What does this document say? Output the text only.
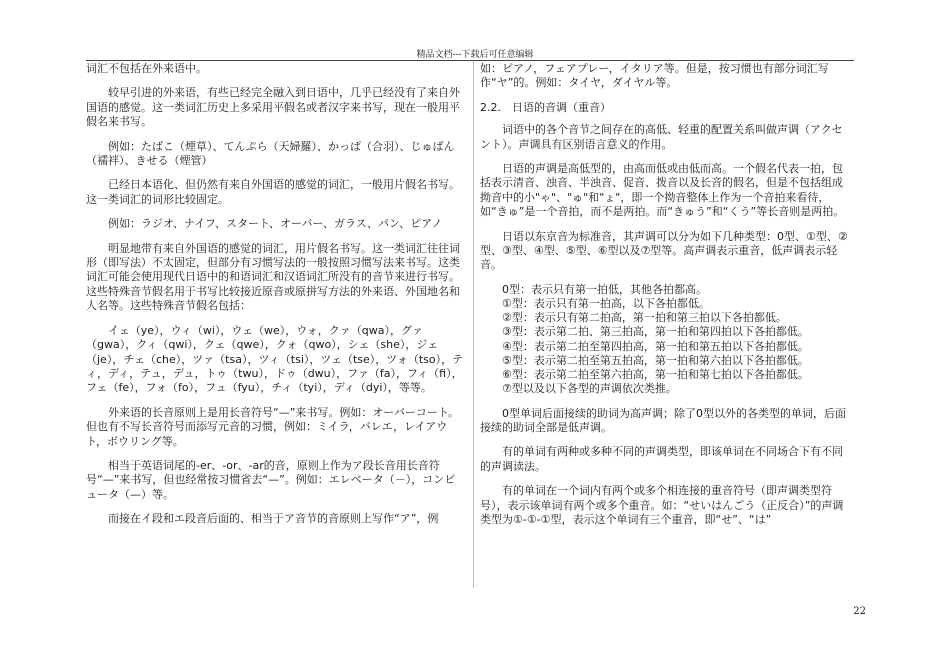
精品文档---下载后可任意编辑

词汇不包括在外来语中。

较早引进的外来语，有些已经完全融入到日语中，几乎已经没有了来自外国语的感觉。这一类词汇历史上多采用平假名或者汉字来书写，现在一般用平假名来书写。

例如：たばこ（煙草）、てんぷら（天婦羅）、かっぱ（合羽）、じゅばん（襦袢）、きせる（煙管）

已经日本语化、但仍然有来自外国语的感觉的词汇，一般用片假名书写。这一类词汇的词形比较固定。

例如：ラジオ、ナイフ、スタート、オーバー、ガラス、パン、ピアノ

明显地带有来自外国语的感觉的词汇，用片假名书写。这一类词汇往往词形（即写法）不太固定，但部分有习惯写法的一般按照习惯写法来书写。这类词汇可能会使用现代日语中的和语词汇和汉语词汇所没有的音节来进行书写。这些特殊音节假名用于书写比较接近原音或原拼写方法的外来语、外国地名和人名等。这些特殊音节假名包括：

イェ（ye），ウィ（wi），ウェ（we），ウォ，クァ（qwa），グァ（gwa），クィ（qwi），クェ（qwe），クォ（qwo），シェ（she），ジェ（je），チェ（che），ツァ（tsa），ツィ（tsi），ツェ（tse），ツォ（tso），ティ，ディ，テュ，デュ，トゥ（twu），ドゥ（dwu），ファ（fa），フィ（fi），フェ（fe），フォ（fo），フュ（fyu），チィ（tyi），ディ（dyi），等等。

外来语的长音原则上是用长音符号“—”来书写。例如：オーバーコート。但也有不写长音符号而添写元音的习惯，例如：ミイラ，バレエ，レイアウト，ボウリング等。

相当于英语词尾的-er、-or、-ar的音，原则上作为ア段长音用长音符号“—”来书写，但也经常按习惯省去“—”。例如：エレベータ（－），コンピュータ（—）等。

而接在イ段和エ段音后面的、相当于ア音节的音原则上写作“ア”，例

如：ピアノ，フェアプレー，イタリア等。但是，按习惯也有部分词汇写作“ヤ”的。例如：タイヤ，ダイヤル等。

2.2.　日语的音调（重音）

词语中的各个音节之间存在的高低、轻重的配置关系叫做声调（アクセント）。声调具有区别语言意义的作用。

日语的声调是高低型的，由高而低或由低而高。一个假名代表一拍，包括表示清音、浊音、半浊音、促音、拨音以及长音的假名，但是不包括组成拗音中的小"ゃ"、"ゅ"和"ょ"，即一个拗音整体上作为一个音拍来看待，如“きゅ”是一个音拍，而不是两拍。而“きゅう”和“くう”等长音则是两拍。

日语以东京音为标准音，其声调可以分为如下几种类型：0型、①型、②型、③型、④型、⑤型、⑥型以及⑦型等。高声调表示重音，低声调表示轻音。

0型：表示只有第一拍低，其他各拍都高。
①型：表示只有第一拍高，以下各拍都低。
②型：表示只有第二拍高，第一拍和第三拍以下各拍都低。
③型：表示第二拍、第三拍高，第一拍和第四拍以下各拍都低。
④型：表示第二拍至第四拍高，第一拍和第五拍以下各拍都低。
⑤型：表示第二拍至第五拍高，第一拍和第六拍以下各拍都低。
⑥型：表示第二拍至第六拍高，第一拍和第七拍以下各拍都低。
⑦型以及以下各型的声调依次类推。

0型单词后面接续的助词为高声调；除了0型以外的各类型的单词，后面接续的助词全部是低声调。

有的单词有两种或多种不同的声调类型，即该单词在不同场合下有不同的声调读法。

有的单词在一个词内有两个或多个相连接的重音符号（即声调类型符号），表示该单词有两个或多个重音。如：“せいはんごう（正反合）”的声调类型为①-①-①型，表示这个单词有三个重音，即“せ”、“は”

22
